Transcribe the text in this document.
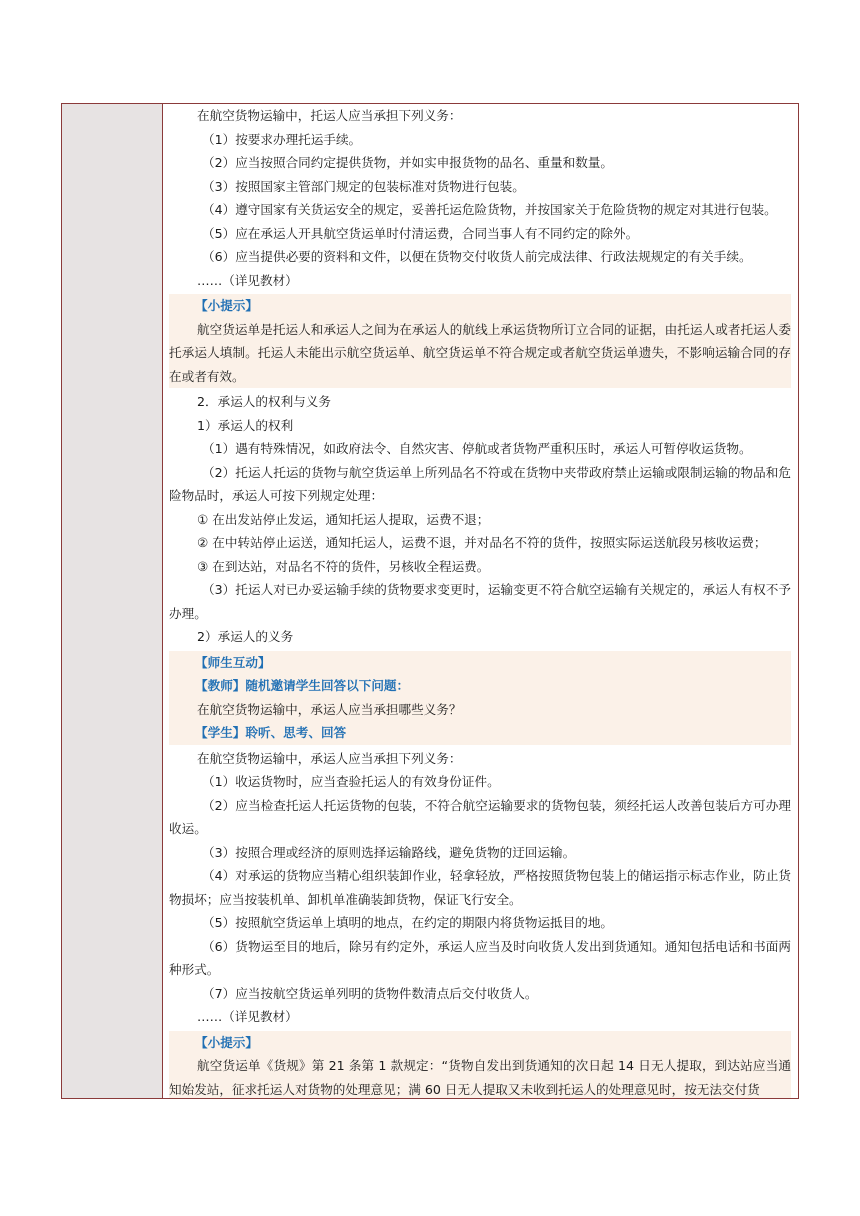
在航空货物运输中，托运人应当承担下列义务：
（1）按要求办理托运手续。
（2）应当按照合同约定提供货物，并如实申报货物的品名、重量和数量。
（3）按照国家主管部门规定的包装标准对货物进行包装。
（4）遵守国家有关货运安全的规定，妥善托运危险货物，并按国家关于危险货物的规定对其进行包装。
（5）应在承运人开具航空货运单时付清运费，合同当事人有不同约定的除外。
（6）应当提供必要的资料和文件，以便在货物交付收货人前完成法律、行政法规规定的有关手续。
……（详见教材）
【小提示】
航空货运单是托运人和承运人之间为在承运人的航线上承运货物所订立合同的证据，由托运人或者托运人委托承运人填制。托运人未能出示航空货运单、航空货运单不符合规定或者航空货运单遗失，不影响运输合同的存在或者有效。
2．承运人的权利与义务
1）承运人的权利
（1）遇有特殊情况，如政府法令、自然灾害、停航或者货物严重积压时，承运人可暂停收运货物。
（2）托运人托运的货物与航空货运单上所列品名不符或在货物中夹带政府禁止运输或限制运输的物品和危险物品时，承运人可按下列规定处理：
① 在出发站停止发运，通知托运人提取，运费不退；
② 在中转站停止运送，通知托运人，运费不退，并对品名不符的货件，按照实际运送航段另核收运费；
③ 在到达站，对品名不符的货件，另核收全程运费。
（3）托运人对已办妥运输手续的货物要求变更时，运输变更不符合航空运输有关规定的，承运人有权不予办理。
2）承运人的义务
【师生互动】
【教师】随机邀请学生回答以下问题：
在航空货物运输中，承运人应当承担哪些义务？
【学生】聆听、思考、回答
在航空货物运输中，承运人应当承担下列义务：
（1）收运货物时，应当查验托运人的有效身份证件。
（2）应当检查托运人托运货物的包装，不符合航空运输要求的货物包装，须经托运人改善包装后方可办理收运。
（3）按照合理或经济的原则选择运输路线，避免货物的迂回运输。
（4）对承运的货物应当精心组织装卸作业，轻拿轻放，严格按照货物包装上的储运指示标志作业，防止货物损坏；应当按装机单、卸机单准确装卸货物，保证飞行安全。
（5）按照航空货运单上填明的地点，在约定的期限内将货物运抵目的地。
（6）货物运至目的地后，除另有约定外，承运人应当及时向收货人发出到货通知。通知包括电话和书面两种形式。
（7）应当按航空货运单列明的货物件数清点后交付收货人。
……（详见教材）
【小提示】
航空货运单《货规》第 21 条第 1 款规定：“货物自发出到货通知的次日起 14 日无人提取，到达站应当通知始发站，征求托运人对货物的处理意见；满 60 日无人提取又未收到托运人的处理意见时，按无法交付货
